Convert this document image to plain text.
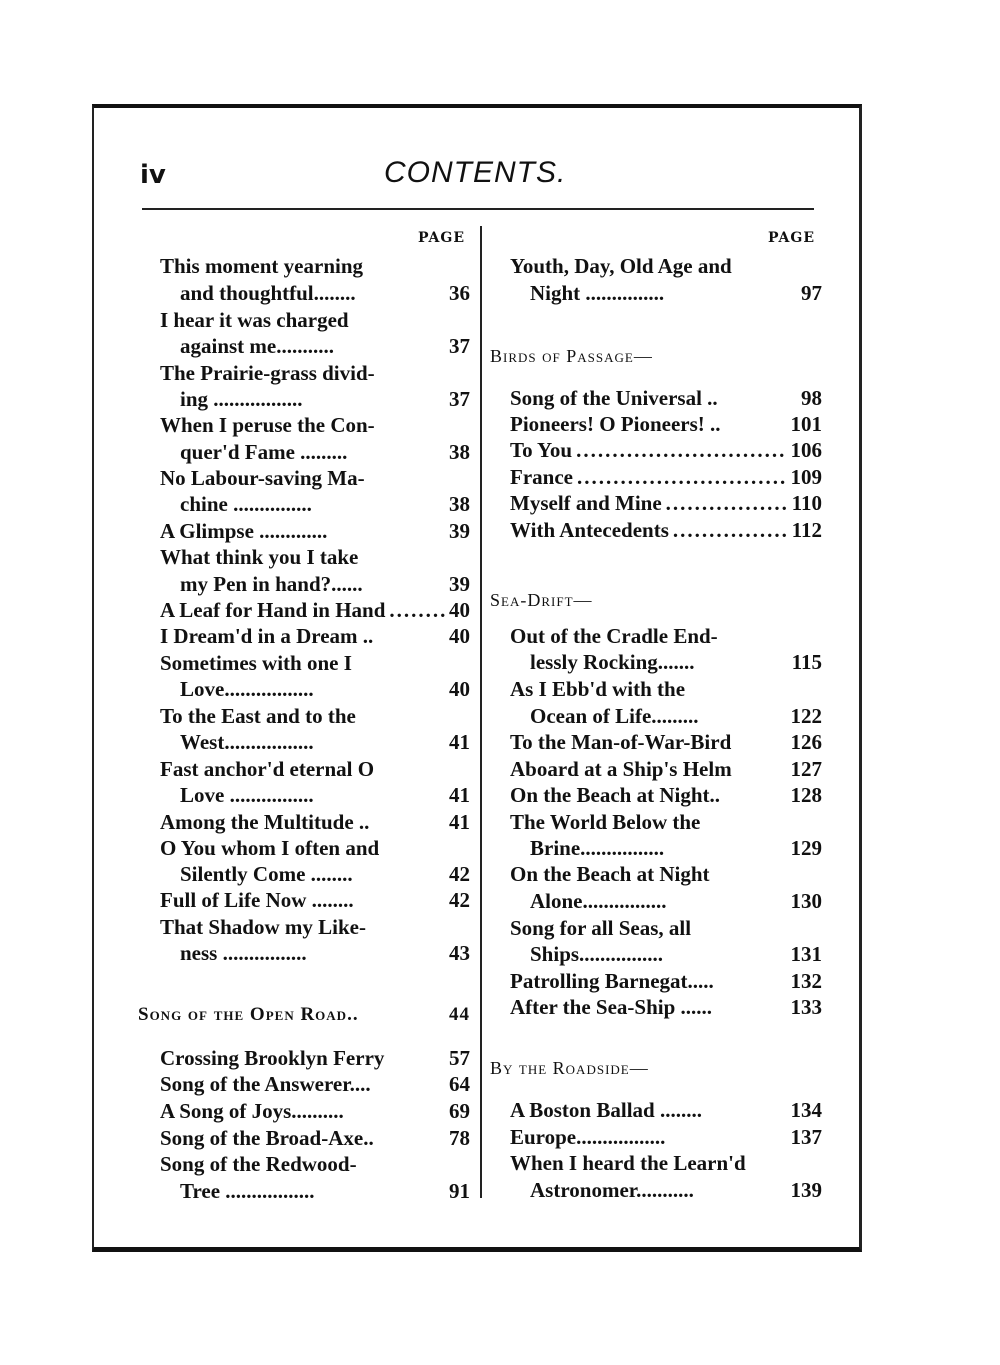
iv	CONTENTS.
PAGE	PAGE
This moment yearning
and thoughtful........	36
I hear it was charged
against me...........	37
The Prairie-grass divid-
ing .................	37
When I peruse the Con-
quer'd Fame .........	38
No Labour-saving Ma-
chine ...............	38
A Glimpse .............	39
What think you I take
my Pen in hand?......	39
A Leaf for Hand in Hand .....	40
I Dream'd in a Dream ..	40
Sometimes with one I
Love.................	40
To the East and to the
West.................	41
Fast anchor'd eternal O
Love ................	41
Among the Multitude ..	41
O You whom I often and
Silently Come ........	42
Full of Life Now ........	42
That Shadow my Like-
ness ................	43
Song of the Open Road..	44
Crossing Brooklyn Ferry	57
Song of the Answerer....	64
A Song of Joys..........	69
Song of the Broad-Axe..	78
Song of the Redwood-
Tree .................	91
Youth, Day, Old Age and
Night ...............	97
Birds of Passage—
Song of the Universal ..	98
Pioneers! O Pioneers! ..	101
To You .....	106
France .....	109
Myself and Mine .....	110
With Antecedents .....	112
Sea-Drift—
Out of the Cradle End-
lessly Rocking.......	115
As I Ebb'd with the
Ocean of Life.........	122
To the Man-of-War-Bird	126
Aboard at a Ship's Helm	127
On the Beach at Night..	128
The World Below the
Brine................	129
On the Beach at Night
Alone................	130
Song for all Seas, all
Ships................	131
Patrolling Barnegat.....	132
After the Sea-Ship ......	133
By the Roadside—
A Boston Ballad ........	134
Europe.................	137
When I heard the Learn'd
Astronomer...........	139
